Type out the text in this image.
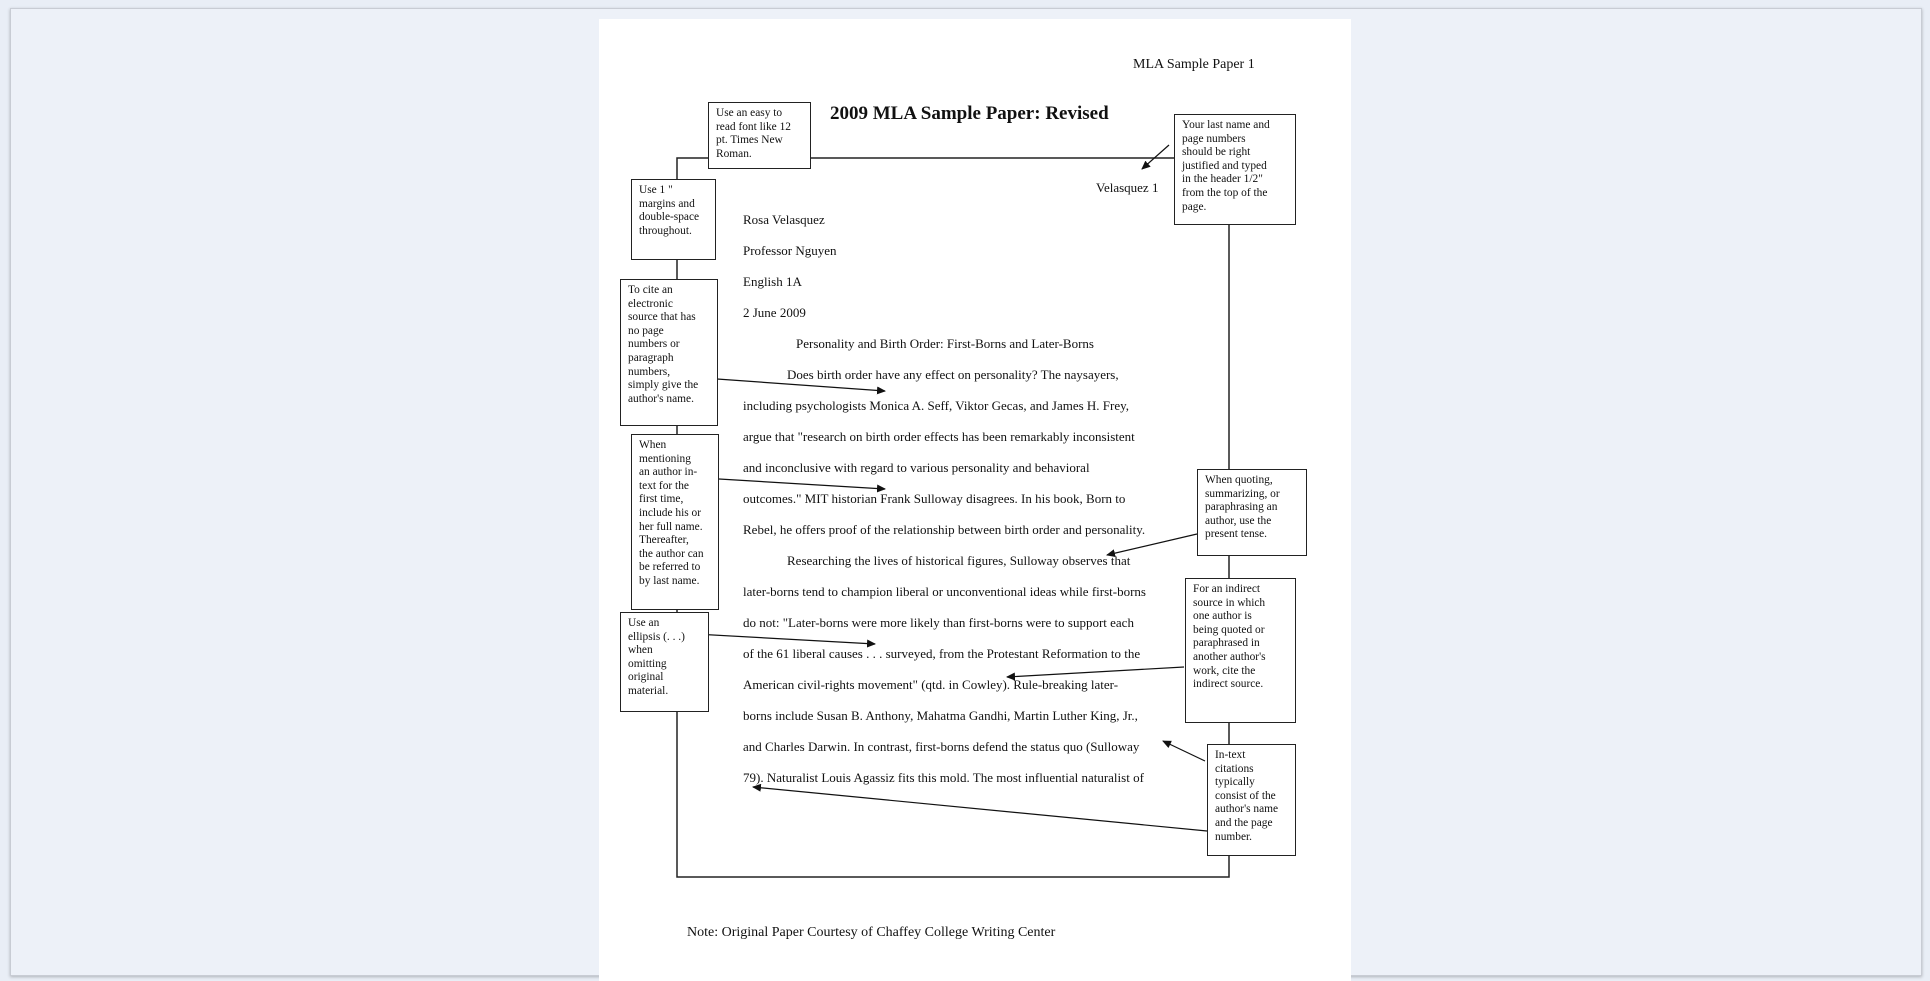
MLA Sample Paper 1
2009 MLA Sample Paper: Revised
Velasquez 1
Rosa Velasquez
Professor Nguyen
English 1A
2 June 2009
Personality and Birth Order: First-Borns and Later-Borns
Does birth order have any effect on personality? The naysayers,
including psychologists Monica A. Seff, Viktor Gecas, and James H. Frey,
argue that "research on birth order effects has been remarkably inconsistent
and inconclusive with regard to various personality and behavioral
outcomes." MIT historian Frank Sulloway disagrees. In his book, Born to
Rebel, he offers proof of the relationship between birth order and personality.
Researching the lives of historical figures, Sulloway observes that
later-borns tend to champion liberal or unconventional ideas while first-borns
do not: "Later-borns were more likely than first-borns were to support each
of the 61 liberal causes . . . surveyed, from the Protestant Reformation to the
American civil-rights movement" (qtd. in Cowley). Rule-breaking later-
borns include Susan B. Anthony, Mahatma Gandhi, Martin Luther King, Jr.,
and Charles Darwin. In contrast, first-borns defend the status quo (Sulloway
79). Naturalist Louis Agassiz fits this mold. The most influential naturalist of
Use an easy to
read font like 12
pt. Times New
Roman.
Use 1 "
margins and
double-space
throughout.
To cite an
electronic
source that has
no page
numbers or
paragraph
numbers,
simply give the
author's name.
When
mentioning
an author in-
text for the
first time,
include his or
her full name.
Thereafter,
the author can
be referred to
by last name.
Use an
ellipsis (. . .)
when
omitting
original
material.
Your last name and
page numbers
should be right
justified and typed
in the header 1/2"
from the top of the
page.
When quoting,
summarizing, or
paraphrasing an
author, use the
present tense.
For an indirect
source in which
one author is
being quoted or
paraphrased in
another author's
work, cite the
indirect source.
In-text
citations
typically
consist of the
author's name
and the page
number.
Note: Original Paper Courtesy of Chaffey College Writing Center
